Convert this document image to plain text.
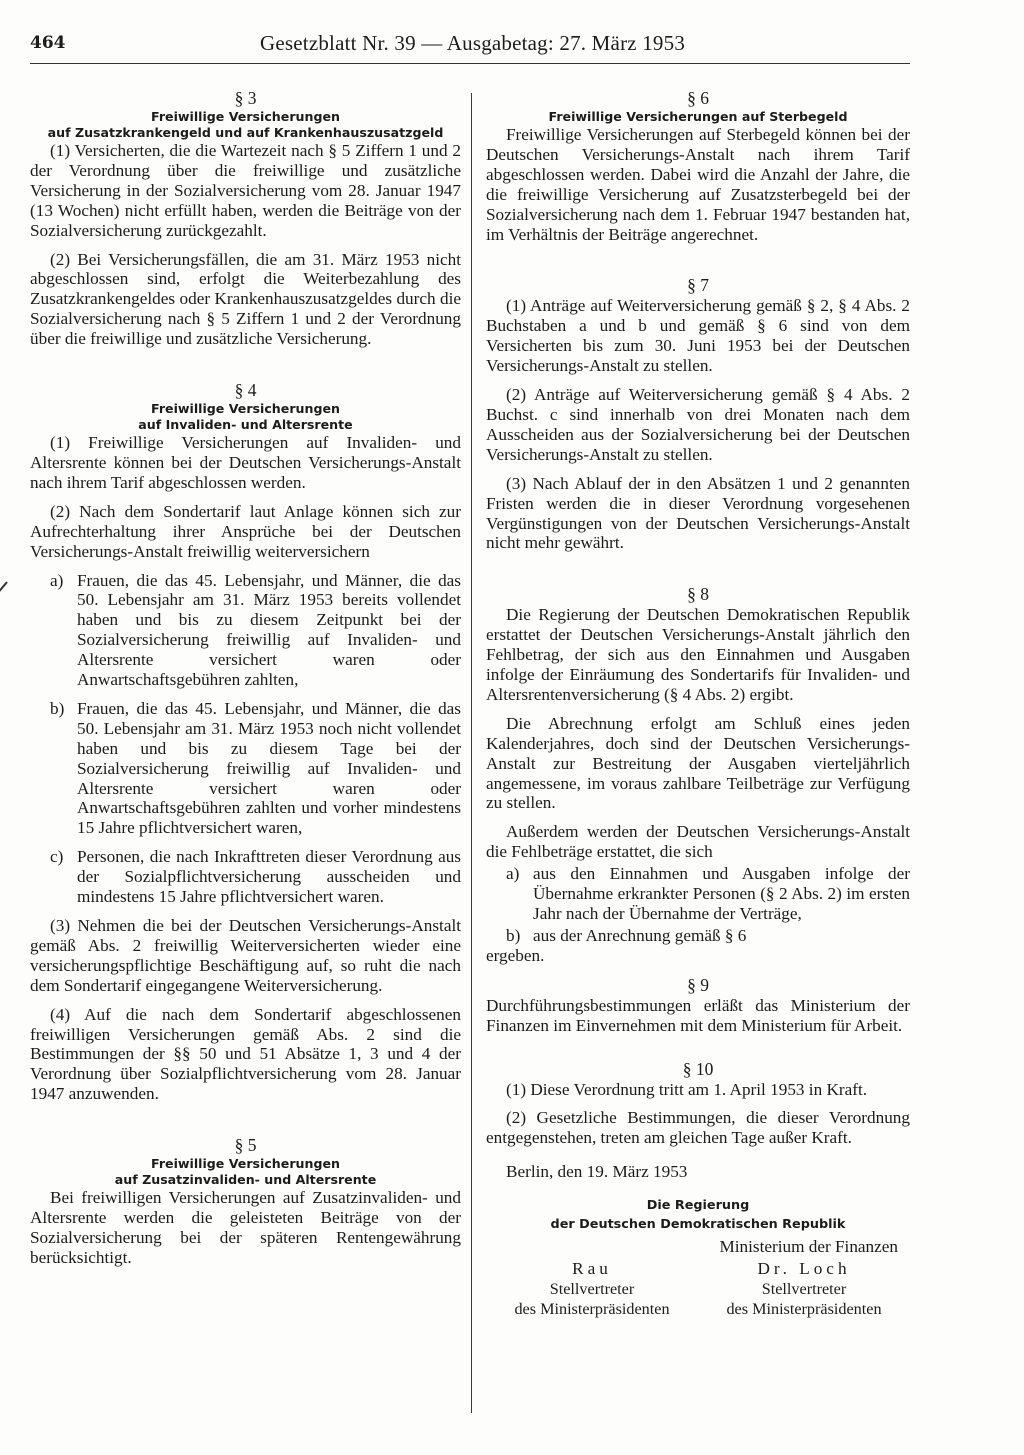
464	Gesetzblatt Nr. 39 — Ausgabetag: 27. März 1953
§ 3
Freiwillige Versicherungen
auf Zusatzkrankengeld und auf Krankenhauszusatzgeld

(1) Versicherten, die die Wartezeit nach § 5 Ziffern 1 und 2 der Verordnung über die freiwillige und zusätzliche Versicherung in der Sozialversicherung vom 28. Januar 1947 (13 Wochen) nicht erfüllt haben, werden die Beiträge von der Sozialversicherung zurückgezahlt.

(2) Bei Versicherungsfällen, die am 31. März 1953 nicht abgeschlossen sind, erfolgt die Weiterbezahlung des Zusatzkrankengeldes oder Krankenhauszusatzgeldes durch die Sozialversicherung nach § 5 Ziffern 1 und 2 der Verordnung über die freiwillige und zusätzliche Versicherung.

§ 4
Freiwillige Versicherungen
auf Invaliden- und Altersrente

(1) Freiwillige Versicherungen auf Invaliden- und Altersrente können bei der Deutschen Versicherungs-Anstalt nach ihrem Tarif abgeschlossen werden.

(2) Nach dem Sondertarif laut Anlage können sich zur Aufrechterhaltung ihrer Ansprüche bei der Deutschen Versicherungs-Anstalt freiwillig weiterversichern

a) Frauen, die das 45. Lebensjahr, und Männer, die das 50. Lebensjahr am 31. März 1953 bereits vollendet haben und bis zu diesem Zeitpunkt bei der Sozialversicherung freiwillig auf Invaliden- und Altersrente versichert waren oder Anwartschaftsgebühren zahlten,
b) Frauen, die das 45. Lebensjahr, und Männer, die das 50. Lebensjahr am 31. März 1953 noch nicht vollendet haben und bis zu diesem Tage bei der Sozialversicherung freiwillig auf Invaliden- und Altersrente versichert waren oder Anwartschaftsgebühren zahlten und vorher mindestens 15 Jahre pflichtversichert waren,
c) Personen, die nach Inkrafttreten dieser Verordnung aus der Sozialpflichtversicherung ausscheiden und mindestens 15 Jahre pflichtversichert waren.

(3) Nehmen die bei der Deutschen Versicherungs-Anstalt gemäß Abs. 2 freiwillig Weiterversicherten wieder eine versicherungspflichtige Beschäftigung auf, so ruht die nach dem Sondertarif eingegangene Weiterversicherung.

(4) Auf die nach dem Sondertarif abgeschlossenen freiwilligen Versicherungen gemäß Abs. 2 sind die Bestimmungen der §§ 50 und 51 Absätze 1, 3 und 4 der Verordnung über Sozialpflichtversicherung vom 28. Januar 1947 anzuwenden.

§ 5
Freiwillige Versicherungen
auf Zusatzinvaliden- und Altersrente

Bei freiwilligen Versicherungen auf Zusatzinvaliden- und Altersrente werden die geleisteten Beiträge von der Sozialversicherung bei der späteren Rentengewährung berücksichtigt.

§ 6
Freiwillige Versicherungen auf Sterbegeld

Freiwillige Versicherungen auf Sterbegeld können bei der Deutschen Versicherungs-Anstalt nach ihrem Tarif abgeschlossen werden. Dabei wird die Anzahl der Jahre, die die freiwillige Versicherung auf Zusatzsterbegeld bei der Sozialversicherung nach dem 1. Februar 1947 bestanden hat, im Verhältnis der Beiträge angerechnet.

§ 7

(1) Anträge auf Weiterversicherung gemäß § 2, § 4 Abs. 2 Buchstaben a und b und gemäß § 6 sind von dem Versicherten bis zum 30. Juni 1953 bei der Deutschen Versicherungs-Anstalt zu stellen.

(2) Anträge auf Weiterversicherung gemäß § 4 Abs. 2 Buchst. c sind innerhalb von drei Monaten nach dem Ausscheiden aus der Sozialversicherung bei der Deutschen Versicherungs-Anstalt zu stellen.

(3) Nach Ablauf der in den Absätzen 1 und 2 genannten Fristen werden die in dieser Verordnung vorgesehenen Vergünstigungen von der Deutschen Versicherungs-Anstalt nicht mehr gewährt.

§ 8

Die Regierung der Deutschen Demokratischen Republik erstattet der Deutschen Versicherungs-Anstalt jährlich den Fehlbetrag, der sich aus den Einnahmen und Ausgaben infolge der Einräumung des Sondertarifs für Invaliden- und Altersrentenversicherung (§ 4 Abs. 2) ergibt.

Die Abrechnung erfolgt am Schluß eines jeden Kalenderjahres, doch sind der Deutschen Versicherungs-Anstalt zur Bestreitung der Ausgaben vierteljährlich angemessene, im voraus zahlbare Teilbeträge zur Verfügung zu stellen.

Außerdem werden der Deutschen Versicherungs-Anstalt die Fehlbeträge erstattet, die sich

a) aus den Einnahmen und Ausgaben infolge der Übernahme erkrankter Personen (§ 2 Abs. 2) im ersten Jahr nach der Übernahme der Verträge,
b) aus der Anrechnung gemäß § 6

ergeben.

§ 9

Durchführungsbestimmungen erläßt das Ministerium der Finanzen im Einvernehmen mit dem Ministerium für Arbeit.

§ 10

(1) Diese Verordnung tritt am 1. April 1953 in Kraft.

(2) Gesetzliche Bestimmungen, die dieser Verordnung entgegenstehen, treten am gleichen Tage außer Kraft.

Berlin, den 19. März 1953

Die Regierung
der Deutschen Demokratischen Republik
Ministerium der Finanzen
Rau
Stellvertreter
des Ministerpräsidenten
Dr. Loch
Stellvertreter
des Ministerpräsidenten
